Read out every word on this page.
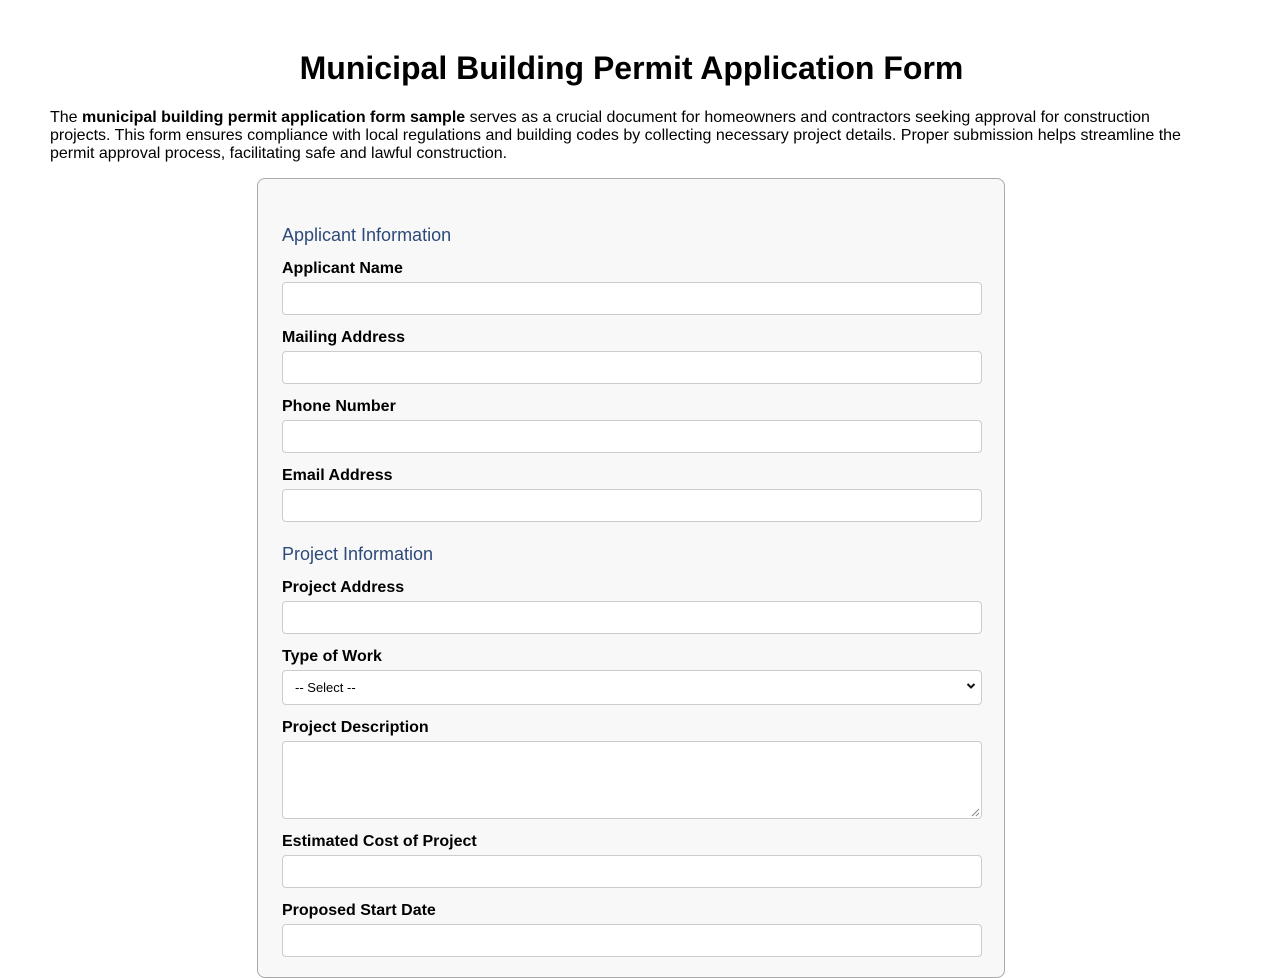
Municipal Building Permit Application Form

The municipal building permit application form sample serves as a crucial document for homeowners and contractors seeking approval for construction projects. This form ensures compliance with local regulations and building codes by collecting necessary project details. Proper submission helps streamline the permit approval process, facilitating safe and lawful construction.

Applicant Information
Applicant Name
Mailing Address
Phone Number
Email Address
Project Information
Project Address
Type of Work
-- Select --
Project Description
Estimated Cost of Project
Proposed Start Date
